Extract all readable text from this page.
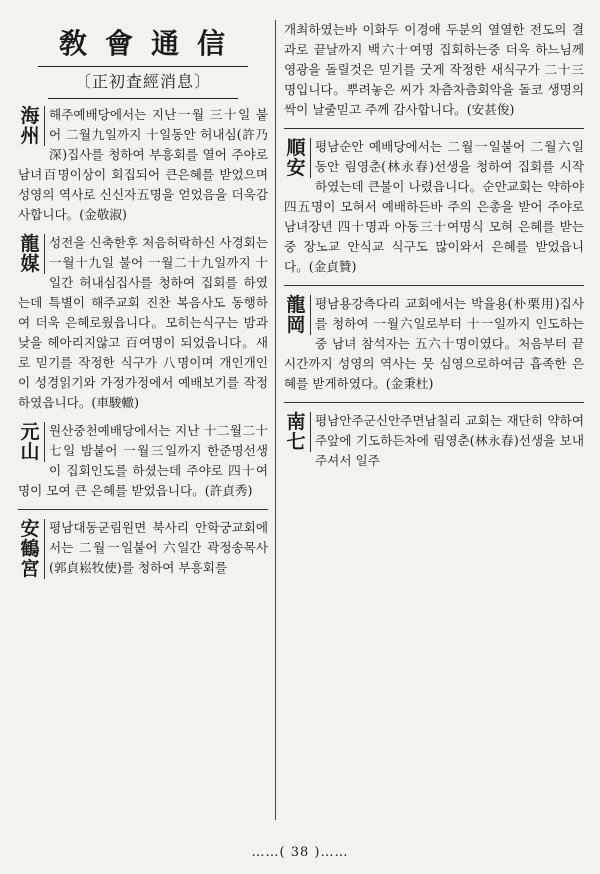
敎會通信
〔正初査經消息〕
海
州
해주예배당에서는 지난一월 三十일 붙어 二월九일까지 十일동안 허내심(許乃深)집사를 청하여 부흥회를 열어 주야로 남녀百명이상이 회집되어 큰은혜를 받었으며 성영의 역사로 신신자五명을 얻었음을 더욱감사합니다。(金敬淑)
龍
媒
성전을 신축한후 처음허락하신 사경회는 一월十九일 불어 一월二十九일까지 十일간 허내심집사를 청하여 집회를 하였는데 특별이 해주교회 진찬 복음사도 동행하여 더욱 은혜로웠읍니다。모히는식구는 밤과 낮을 헤아리지않고 百여명이 되었읍니다。새로 믿기를 작정한 식구가 八명이며 개인개인이 성경읽기와 가정가정에서 예배보기를 작정하였읍니다。(車駿轍)
元
山
원산중천예배당에서는 지난 十二월二十七일 밤붙어 一월三일까지 한준명선생이 집회인도를 하셨는데 주야로 四十여명이 모여 큰 은혜를 받었읍니다。(許貞秀)
安
鶴
宮
평남대동군림원면 북사리 안학궁교회에서는 二월一일붙어 六일간 곽정송목사(郭貞崧牧使)를 청하여 부흥회를
개최하였는바 이화두 이경애 두분의 열열한 전도의 결과로 끝날까지 백六十여명 집회하는중 더욱 하느님께 영광을 돌릴것은 믿기를 굿게 작정한 새식구가 二十三명입니다。뿌려놓은 씨가 차츰차츰회악을 돌코 생명의싹이 날줄믿고 주께 감사합니다。(安甚俊)
順
安
평남순안 예배당에서는 二월一일붙어 二월六일동안 림영춘(林永春)선생을 청하여 집회를 시작하였는데 큰불이 나렸읍니다。순안교회는 약하야 四五명이 모혀서 예배하든바 주의 은총을 받어 주야로 남녀장년 四十명과 아동三十여명식 모혀 은혜를 받는중 장노교 안식교 식구도 많이와서 은혜를 받었읍니다。(金貞贊)
龍
岡
평남용강측다리 교회에서는 박율용(朴栗用)집사를 청하여 一월六일로부터 十一일까지 인도하는중 남녀 참석자는 五六十명이였다。처음부터 끝시간까지 성영의 역사는 뭇 심영으로하여금 흡족한 은혜를 받게하였다。(金秉杜)
南
七
평남안주군신안주면남칠리 교회는 재단히 약하여 주앞에 기도하든차에 림영춘(林永春)선생을 보내주셔서 일주
……( 38 )……
